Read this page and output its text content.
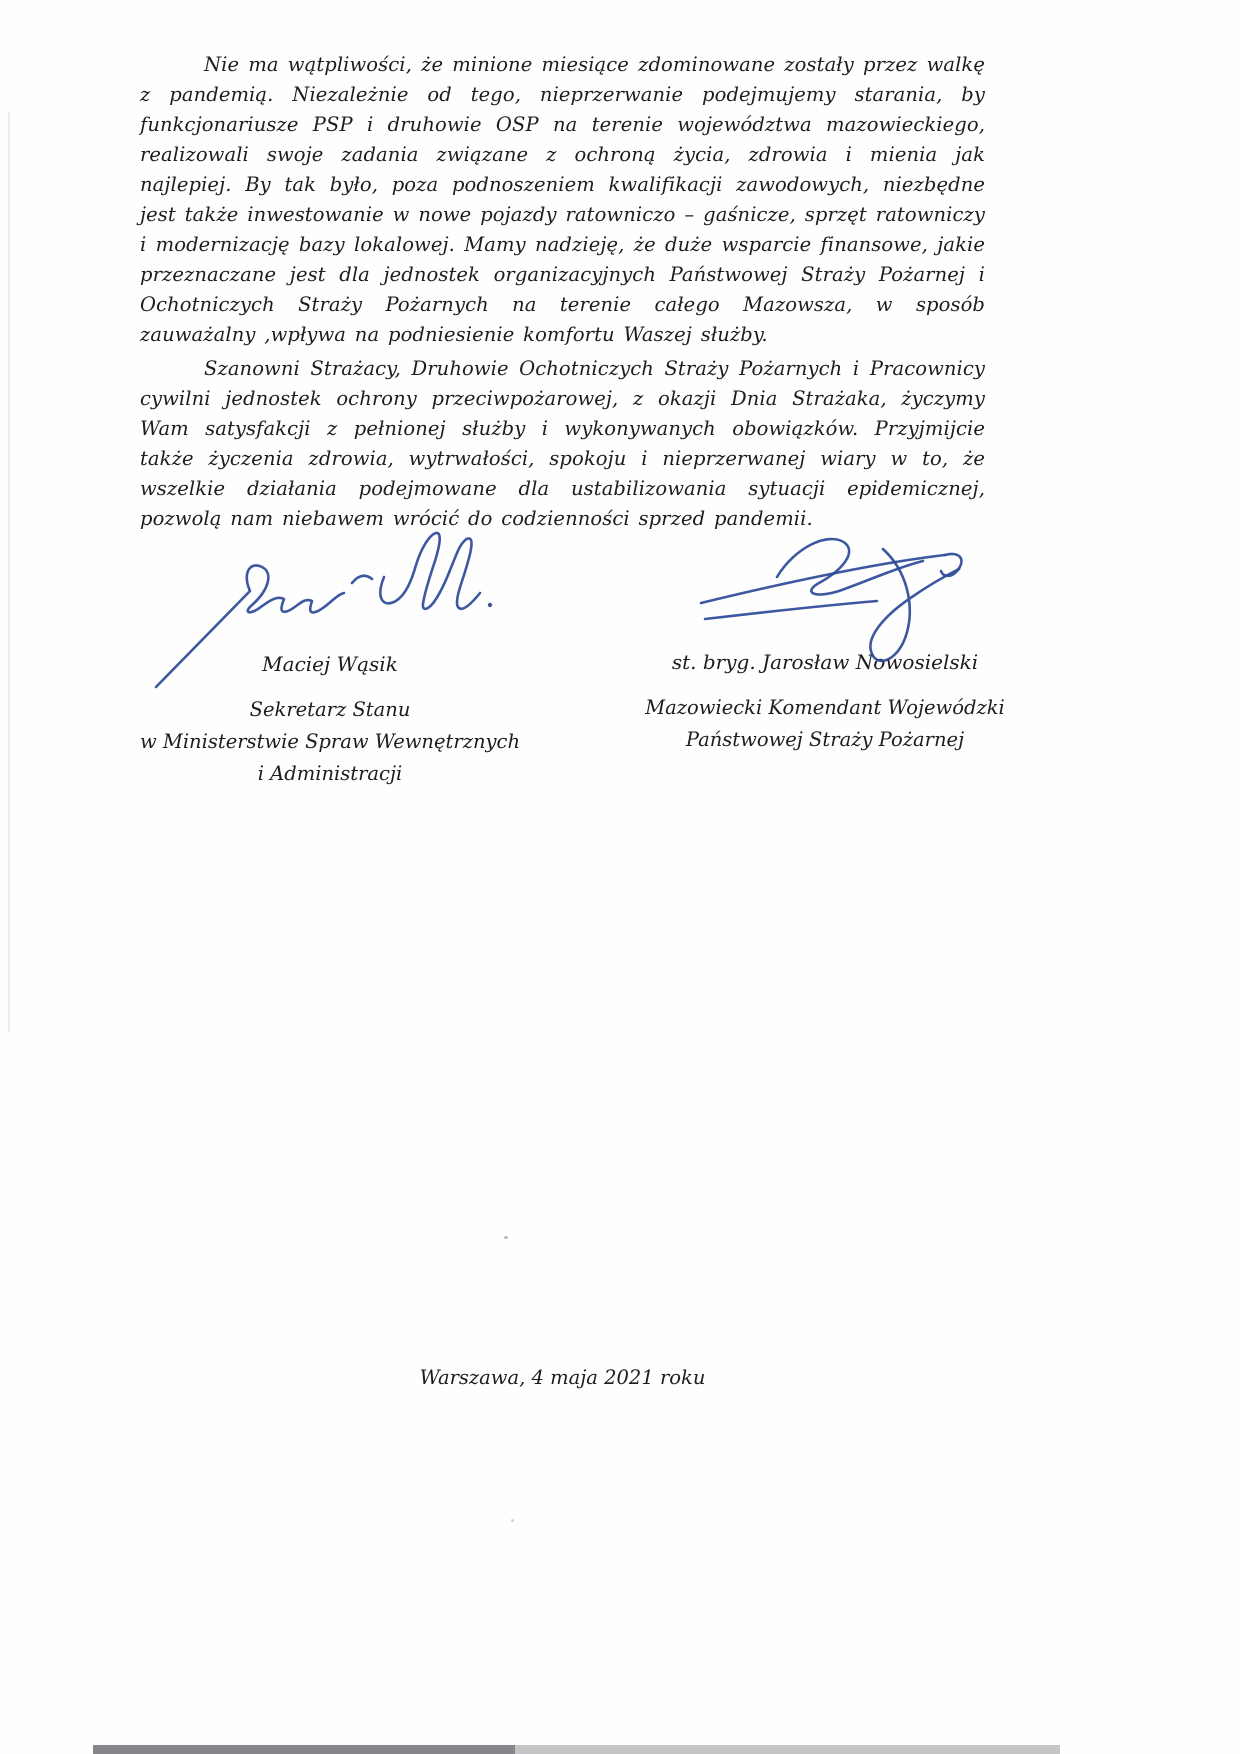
Nie ma wątpliwości, że minione miesiące zdominowane zostały przez walkę z pandemią. Niezależnie od tego, nieprzerwanie podejmujemy starania, by funkcjonariusze PSP i druhowie OSP na terenie województwa mazowieckiego, realizowali swoje zadania związane z ochroną życia, zdrowia i mienia jak najlepiej. By tak było, poza podnoszeniem kwalifikacji zawodowych, niezbędne jest także inwestowanie w nowe pojazdy ratowniczo – gaśnicze, sprzęt ratowniczy i modernizację bazy lokalowej. Mamy nadzieję, że duże wsparcie finansowe, jakie przeznaczane jest dla jednostek organizacyjnych Państwowej Straży Pożarnej i Ochotniczych Straży Pożarnych na terenie całego Mazowsza, w sposób zauważalny ,wpływa na podniesienie komfortu Waszej służby.

Szanowni Strażacy, Druhowie Ochotniczych Straży Pożarnych i Pracownicy cywilni jednostek ochrony przeciwpożarowej, z okazji Dnia Strażaka, życzymy Wam satysfakcji z pełnionej służby i wykonywanych obowiązków. Przyjmijcie także życzenia zdrowia, wytrwałości, spokoju i nieprzerwanej wiary w to, że wszelkie działania podejmowane dla ustabilizowania sytuacji epidemicznej, pozwolą nam niebawem wrócić do codzienności sprzed pandemii.

Maciej Wąsik
Sekretarz Stanu
w Ministerstwie Spraw Wewnętrznych
i Administracji
st. bryg. Jarosław Nowosielski
Mazowiecki Komendant Wojewódzki
Państwowej Straży Pożarnej
Warszawa, 4 maja 2021 roku
